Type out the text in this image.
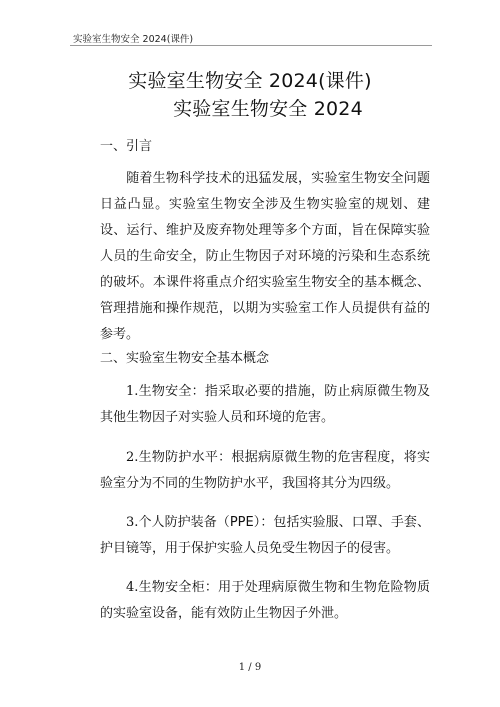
实验室生物安全 2024(课件)
实验室生物安全 2024(课件)
实验室生物安全 2024
一、引言
随着生物科学技术的迅猛发展，实验室生物安全问题日益凸显。实验室生物安全涉及生物实验室的规划、建设、运行、维护及废弃物处理等多个方面，旨在保障实验人员的生命安全，防止生物因子对环境的污染和生态系统的破坏。本课件将重点介绍实验室生物安全的基本概念、管理措施和操作规范，以期为实验室工作人员提供有益的参考。
二、实验室生物安全基本概念
1.生物安全：指采取必要的措施，防止病原微生物及其他生物因子对实验人员和环境的危害。
2.生物防护水平：根据病原微生物的危害程度，将实验室分为不同的生物防护水平，我国将其分为四级。
3.个人防护装备（PPE）：包括实验服、口罩、手套、护目镜等，用于保护实验人员免受生物因子的侵害。
4.生物安全柜：用于处理病原微生物和生物危险物质的实验室设备，能有效防止生物因子外泄。
1 / 9
